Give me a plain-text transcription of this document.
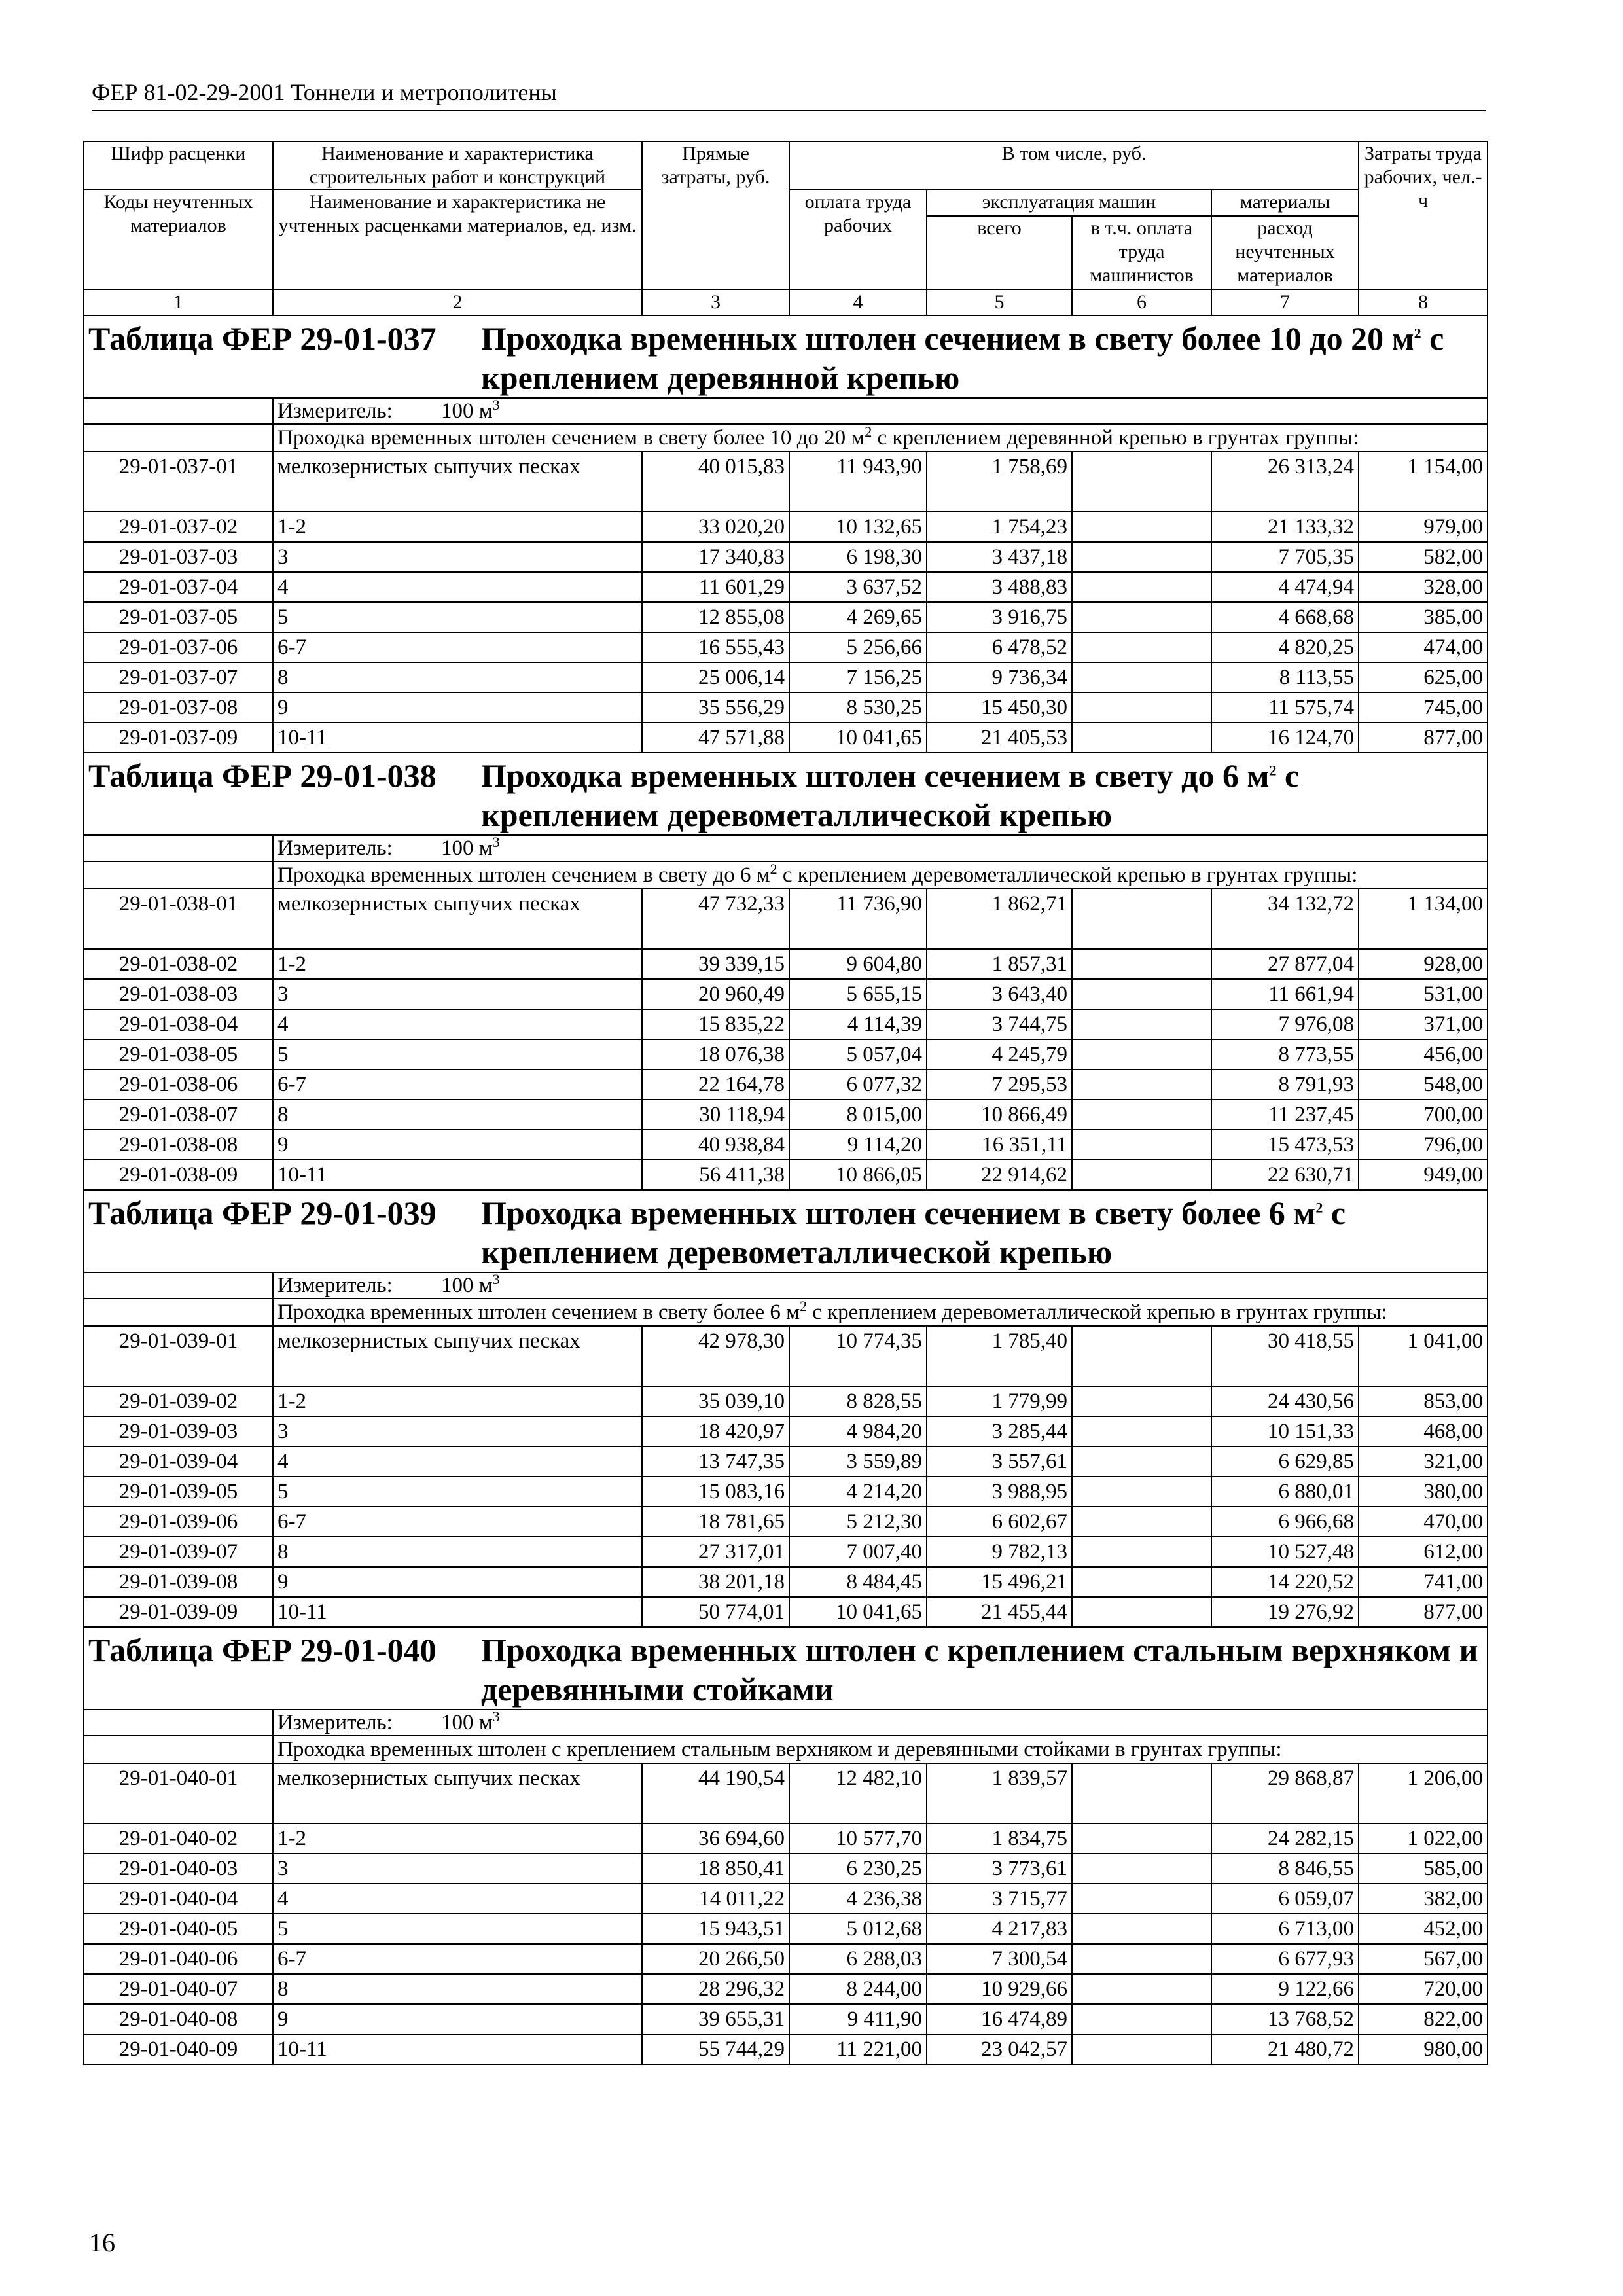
ФЕР 81-02-29-2001 Тоннели и метрополитены
Шифр расценки	Наименование и характеристика строительных работ и конструкций	Прямые затраты, руб.	В том числе, руб.				Затраты труда рабочих, чел.-ч
Коды неучтенных материалов	Наименование и характеристика не учтенных расценками материалов, ед. изм.		оплата труда рабочих	эксплуатация машин		материалы	
				всего	в т.ч. оплата труда машинистов	расход неучтенных материалов	
1	2	3	4	5	6	7	8
Таблица ФЕР 29-01-037 Проходка временных штолен сечением в свету более 10 до 20 $м^2$ с креплением деревянной крепью							
	Измеритель: 100 $м^3$
	Проходка временных штолен сечением в свету более 10 до 20 $м^2$ с креплением деревянной крепью в грунтах группы:						
29-01-037-01	мелкозернистых сыпучих песках	40 015,83	11 943,90	1 758,69		26 313,24	1 154,00
29-01-037-02	1-2	33 020,20	10 132,65	1 754,23		21 133,32	979,00
29-01-037-03	3	17 340,83	6 198,30	3 437,18		7 705,35	582,00
29-01-037-04	4	11 601,29	3 637,52	3 488,83		4 474,94	328,00
29-01-037-05	5	12 855,08	4 269,65	3 916,75		4 668,68	385,00
29-01-037-06	6-7	16 555,43	5 256,66	6 478,52		4 820,25	474,00
29-01-037-07	8	25 006,14	7 156,25	9 736,34		8 113,55	625,00
29-01-037-08	9	35 556,29	8 530,25	15 450,30		11 575,74	745,00
29-01-037-09	10-11	47 571,88	10 041,65	21 405,53		16 124,70	877,00
Таблица ФЕР 29-01-038 Проходка временных штолен сечением в свету до 6 $м^2$ с креплением деревометаллической крепью							
	Измеритель: 100 $м^3$
	Проходка временных штолен сечением в свету до 6 $м^2$ с креплением деревометаллической крепью в грунтах группы:						
29-01-038-01	мелкозернистых сыпучих песках	47 732,33	11 736,90	1 862,71		34 132,72	1 134,00
29-01-038-02	1-2	39 339,15	9 604,80	1 857,31		27 877,04	928,00
29-01-038-03	3	20 960,49	5 655,15	3 643,40		11 661,94	531,00
29-01-038-04	4	15 835,22	4 114,39	3 744,75		7 976,08	371,00
29-01-038-05	5	18 076,38	5 057,04	4 245,79		8 773,55	456,00
29-01-038-06	6-7	22 164,78	6 077,32	7 295,53		8 791,93	548,00
29-01-038-07	8	30 118,94	8 015,00	10 866,49		11 237,45	700,00
29-01-038-08	9	40 938,84	9 114,20	16 351,11		15 473,53	796,00
29-01-038-09	10-11	56 411,38	10 866,05	22 914,62		22 630,71	949,00
Таблица ФЕР 29-01-039 Проходка временных штолен сечением в свету более 6 $м^2$ с креплением деревометаллической крепью							
	Измеритель: 100 $м^3$
	Проходка временных штолен сечением в свету более 6 $м^2$ с креплением деревометаллической крепью в грунтах группы:						
29-01-039-01	мелкозернистых сыпучих песках	42 978,30	10 774,35	1 785,40		30 418,55	1 041,00
29-01-039-02	1-2	35 039,10	8 828,55	1 779,99		24 430,56	853,00
29-01-039-03	3	18 420,97	4 984,20	3 285,44		10 151,33	468,00
29-01-039-04	4	13 747,35	3 559,89	3 557,61		6 629,85	321,00
29-01-039-05	5	15 083,16	4 214,20	3 988,95		6 880,01	380,00
29-01-039-06	6-7	18 781,65	5 212,30	6 602,67		6 966,68	470,00
29-01-039-07	8	27 317,01	7 007,40	9 782,13		10 527,48	612,00
29-01-039-08	9	38 201,18	8 484,45	15 496,21		14 220,52	741,00
29-01-039-09	10-11	50 774,01	10 041,65	21 455,44		19 276,92	877,00
Таблица ФЕР 29-01-040 Проходка временных штолен с креплением стальным верхняком и деревянными стойками							
	Измеритель: 100 $м^3$
	Проходка временных штолен с креплением стальным верхняком и деревянными стойками в грунтах группы:						
29-01-040-01	мелкозернистых сыпучих песках	44 190,54	12 482,10	1 839,57		29 868,87	1 206,00
29-01-040-02	1-2	36 694,60	10 577,70	1 834,75		24 282,15	1 022,00
29-01-040-03	3	18 850,41	6 230,25	3 773,61		8 846,55	585,00
29-01-040-04	4	14 011,22	4 236,38	3 715,77		6 059,07	382,00
29-01-040-05	5	15 943,51	5 012,68	4 217,83		6 713,00	452,00
29-01-040-06	6-7	20 266,50	6 288,03	7 300,54		6 677,93	567,00
29-01-040-07	8	28 296,32	8 244,00	10 929,66		9 122,66	720,00
29-01-040-08	9	39 655,31	9 411,90	16 474,89		13 768,52	822,00
29-01-040-09	10-11	55 744,29	11 221,00	23 042,57		21 480,72	980,00
16
